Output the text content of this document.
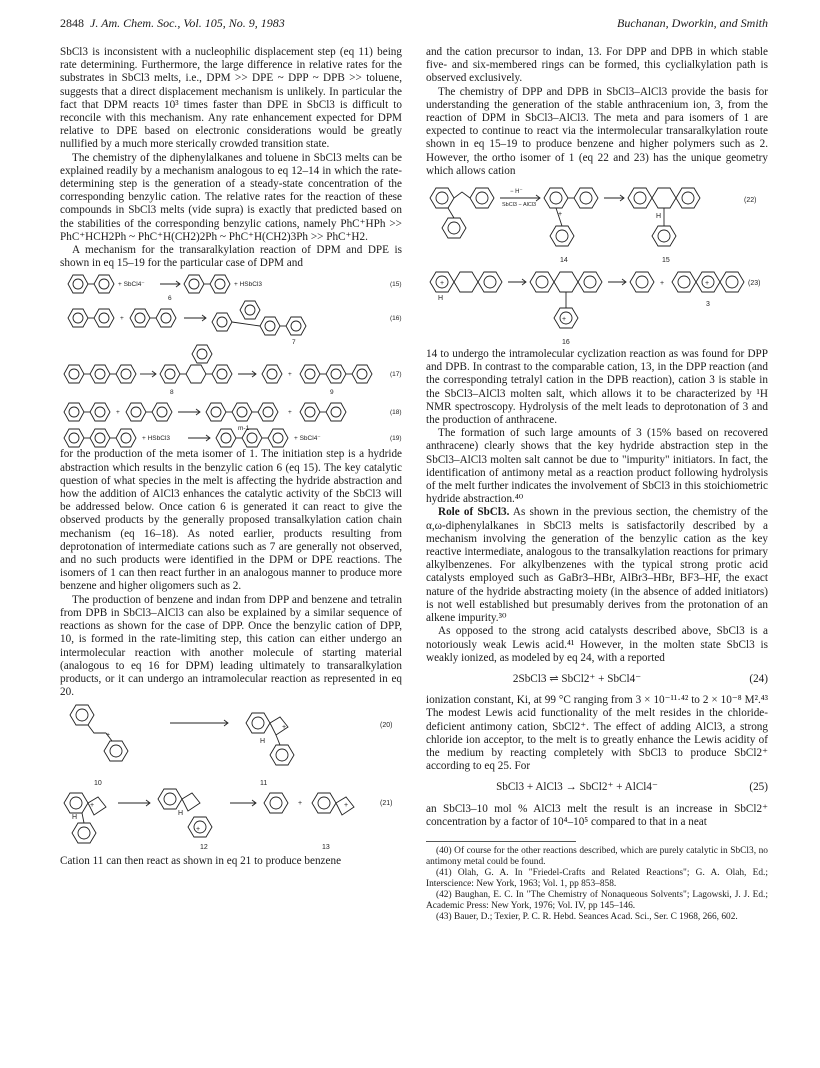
2848 J. Am. Chem. Soc., Vol. 105, No. 9, 1983	Buchanan, Dworkin, and Smith

SbCl3 is inconsistent with a nucleophilic displacement step (eq 11) being rate determining. Furthermore, the large difference in relative rates for the substrates in SbCl3 melts, i.e., DPM >> DPE ~ DPP ~ DPB >> toluene, suggests that a direct displacement mechanism is unlikely. In particular the fact that DPM reacts 10³ times faster than DPE in SbCl3 is difficult to reconcile with this mechanism. Any rate enhancement expected for DPM relative to DPE based on electronic considerations would be greatly nullified by a much more sterically crowded transition state.

The chemistry of the diphenylalkanes and toluene in SbCl3 melts can be explained readily by a mechanism analogous to eq 12–14 in which the rate-determining step is the generation of a steady-state concentration of the corresponding benzylic cation. The relative rates for the reaction of these compounds in SbCl3 melts (vide supra) is exactly that predicted based on the stabilities of the corresponding benzylic cations, namely PhC⁺HPh >> PhC⁺HCH2Ph ~ PhC⁺H(CH2)2Ph ~ PhC⁺H(CH2)3Ph >> PhC⁺H2.

A mechanism for the transaralkylation reaction of DPM and DPE is shown in eq 15–19 for the particular case of DPM and

+ SbCl4⁻	+ HSbCl3
6
(15)
+
7
(16)
8	9
+	(17)
+
m-1
+	(18)
+ HSbCl3	+ SbCl4⁻	(19)

for the production of the meta isomer of 1. The initiation step is a hydride abstraction which results in the benzylic cation 6 (eq 15). The key catalytic question of what species in the melt is affecting the hydride abstraction and how the addition of AlCl3 enhances the catalytic activity of the SbCl3 will be addressed below. Once cation 6 is generated it can react to give the observed products by the generally proposed transalkylation cation chain mechanism (eq 16–18). As noted earlier, products resulting from deprotonation of intermediate cations such as 7 are generally not observed, and no such products were identified in the DPM or DPE reactions. The isomers of 1 can then react further in an analogous manner to produce more benzene and higher oligomers such as 2.

The production of benzene and indan from DPP and benzene and tetralin from DPB in SbCl3–AlCl3 can also be explained by a similar sequence of reactions as shown for the case of DPP. Once the benzylic cation of DPP, 10, is formed in the rate-limiting step, this cation can either undergo an intermolecular reaction with another molecule of starting material (analogous to eq 16 for DPM) leading ultimately to transaralkylation products, or it can undergo an intramolecular reaction as represented in eq 20.

+
H
+
10	11
(20)
+
H
H
+
+	+
12	13
(21)

Cation 11 can then react as shown in eq 21 to produce benzene

and the cation precursor to indan, 13. For DPP and DPB in which stable five- and six-membered rings can be formed, this cyclialkylation path is observed exclusively.

The chemistry of DPP and DPB in SbCl3–AlCl3 provide the basis for understanding the generation of the stable anthracenium ion, 3, from the reaction of DPM in SbCl3–AlCl3. The meta and para isomers of 1 are expected to continue to react via the intermolecular transaralkylation route shown in eq 15–19 to produce benzene and higher polymers such as 2. However, the ortho isomer of 1 (eq 22 and 23) has the unique geometry which allows cation

− H⁻
SbCl3 − AlCl3
+	H
14	15
(22)
H
+
+
16
+	+
3
(23)

14 to undergo the intramolecular cyclization reaction as was found for DPP and DPB. In contrast to the comparable cation, 13, in the DPP reaction (and the corresponding tetralyl cation in the DPB reaction), cation 3 is stable in the SbCl3–AlCl3 molten salt, which allows it to be characterized by ¹H NMR spectroscopy. Hydrolysis of the melt leads to deprotonation of 3 and the production of anthracene.

The formation of such large amounts of 3 (15% based on recovered anthracene) clearly shows that the key hydride abstraction step in the SbCl3–AlCl3 molten salt cannot be due to "impurity" initiators. In fact, the identification of antimony metal as a reaction product following hydrolysis of the melt further indicates the involvement of SbCl3 in this stoichiometric hydride abstraction.⁴⁰

Role of SbCl3. As shown in the previous section, the chemistry of the α,ω-diphenylalkanes in SbCl3 melts is satisfactorily described by a mechanism involving the generation of the benzylic cation as the key reactive intermediate, analogous to the transalkylation reactions for primary alkylbenzenes. For alkylbenzenes with the typical strong protic acid catalysts employed such as GaBr3–HBr, AlBr3–HBr, BF3–HF, the exact nature of the hydride abstracting moiety (in the absence of added initiators) is not well established but presumably derives from the protonation of an alkene impurity.³⁰

As opposed to the strong acid catalysts described above, SbCl3 is a notoriously weak Lewis acid.⁴¹ However, in the molten state SbCl3 is weakly ionized, as modeled by eq 24, with a reported

2SbCl3 ⇌ SbCl2⁺ + SbCl4⁻	(24)

ionization constant, Ki, at 99 °C ranging from 3 × 10⁻¹¹·⁴² to 2 × 10⁻⁸ M².⁴³ The modest Lewis acid functionality of the melt resides in the chloride-deficient antimony cation, SbCl2⁺. The effect of adding AlCl3, a strong chloride ion acceptor, to the melt is to greatly enhance the Lewis acidity of the medium by reacting completely with SbCl3 to produce SbCl2⁺ according to eq 25. For

SbCl3 + AlCl3 → SbCl2⁺ + AlCl4⁻	(25)

an SbCl3–10 mol % AlCl3 melt the result is an increase in SbCl2⁺ concentration by a factor of 10⁴–10⁵ compared to that in a neat

(40) Of course for the other reactions described, which are purely catalytic in SbCl3, no antimony metal could be found.

(41) Olah, G. A. In "Friedel-Crafts and Related Reactions"; G. A. Olah, Ed.; Interscience: New York, 1963; Vol. 1, pp 853–858.

(42) Baughan, E. C. In "The Chemistry of Nonaqueous Solvents"; Lagowski, J. J. Ed.; Academic Press: New York, 1976; Vol. IV, pp 145–146.

(43) Bauer, D.; Texier, P. C. R. Hebd. Seances Acad. Sci., Ser. C 1968, 266, 602.
